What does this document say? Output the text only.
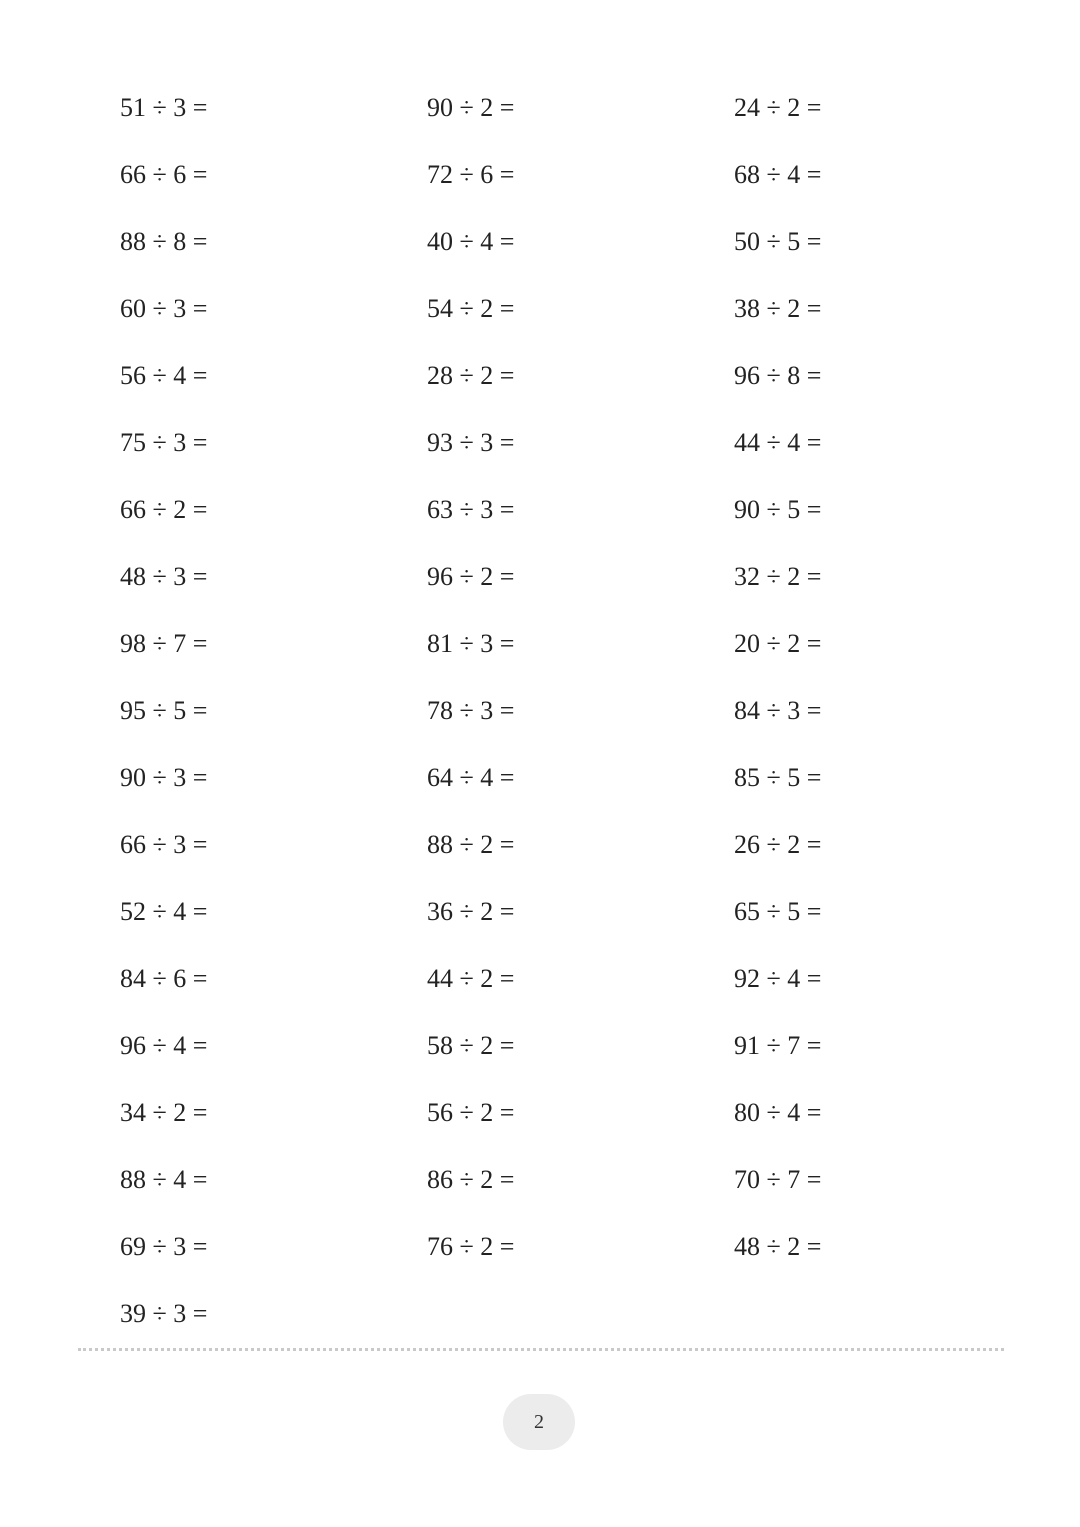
51 ÷ 3 =
66 ÷ 6 =
88 ÷ 8 =
60 ÷ 3 =
56 ÷ 4 =
75 ÷ 3 =
66 ÷ 2 =
48 ÷ 3 =
98 ÷ 7 =
95 ÷ 5 =
90 ÷ 3 =
66 ÷ 3 =
52 ÷ 4 =
84 ÷ 6 =
96 ÷ 4 =
34 ÷ 2 =
88 ÷ 4 =
69 ÷ 3 =
39 ÷ 3 =
90 ÷ 2 =
72 ÷ 6 =
40 ÷ 4 =
54 ÷ 2 =
28 ÷ 2 =
93 ÷ 3 =
63 ÷ 3 =
96 ÷ 2 =
81 ÷ 3 =
78 ÷ 3 =
64 ÷ 4 =
88 ÷ 2 =
36 ÷ 2 =
44 ÷ 2 =
58 ÷ 2 =
56 ÷ 2 =
86 ÷ 2 =
76 ÷ 2 =
24 ÷ 2 =
68 ÷ 4 =
50 ÷ 5 =
38 ÷ 2 =
96 ÷ 8 =
44 ÷ 4 =
90 ÷ 5 =
32 ÷ 2 =
20 ÷ 2 =
84 ÷ 3 =
85 ÷ 5 =
26 ÷ 2 =
65 ÷ 5 =
92 ÷ 4 =
91 ÷ 7 =
80 ÷ 4 =
70 ÷ 7 =
48 ÷ 2 =
2
